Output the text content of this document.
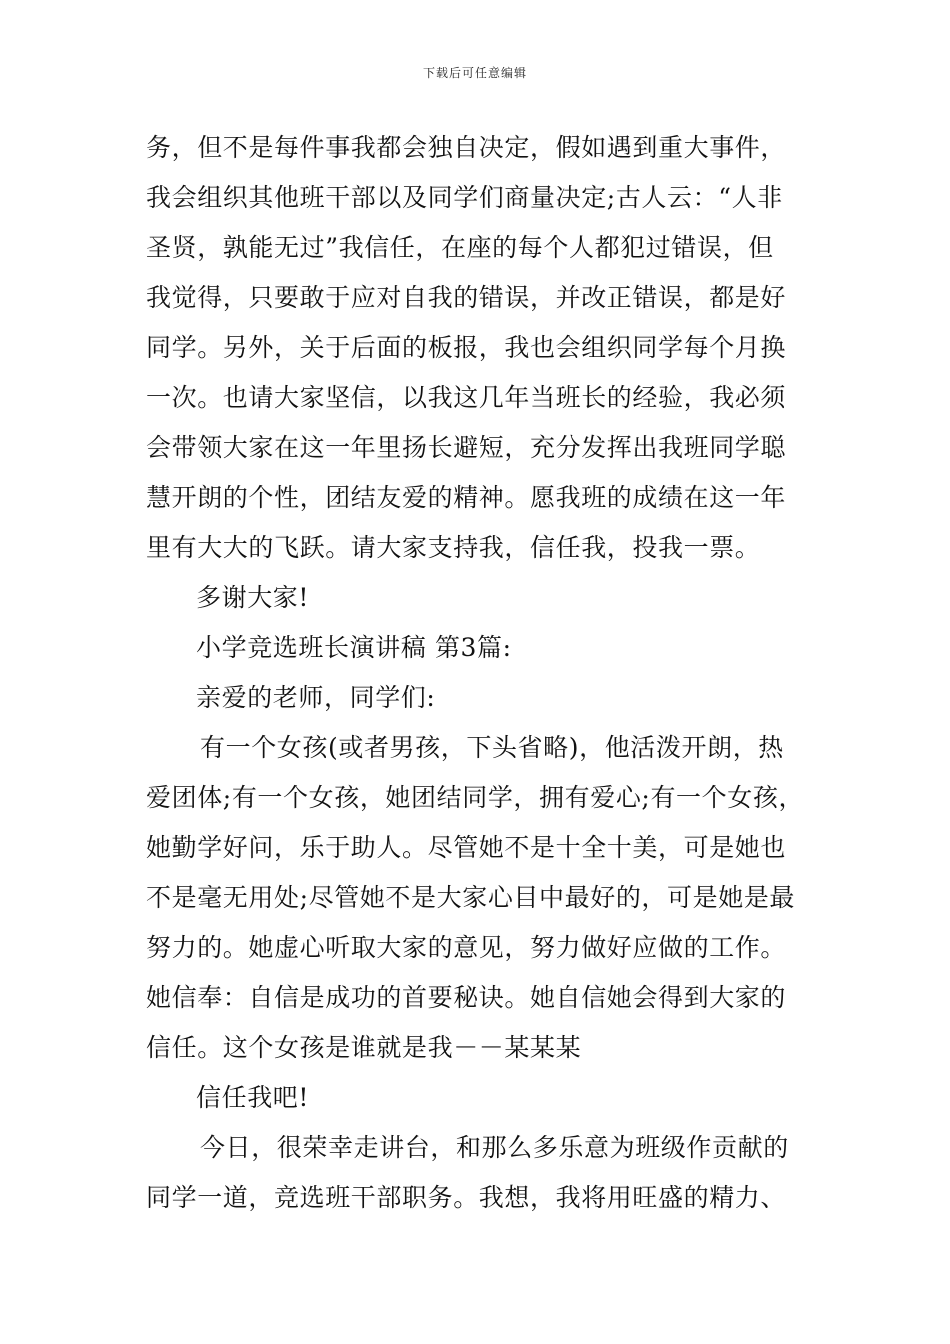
下载后可任意编辑
务，但不是每件事我都会独自决定，假如遇到重大事件，
我会组织其他班干部以及同学们商量决定;古人云：“人非
圣贤，孰能无过”我信任，在座的每个人都犯过错误，但
我觉得，只要敢于应对自我的错误，并改正错误，都是好
同学。另外，关于后面的板报，我也会组织同学每个月换
一次。也请大家坚信，以我这几年当班长的经验，我必须
会带领大家在这一年里扬长避短，充分发挥出我班同学聪
慧开朗的个性，团结友爱的精神。愿我班的成绩在这一年
里有大大的飞跃。请大家支持我，信任我，投我一票。
多谢大家!
小学竞选班长演讲稿 第3篇:
亲爱的老师，同学们:
有一个女孩(或者男孩，下头省略)，他活泼开朗，热
爱团体;有一个女孩，她团结同学，拥有爱心;有一个女孩，
她勤学好问，乐于助人。尽管她不是十全十美，可是她也
不是毫无用处;尽管她不是大家心目中最好的，可是她是最
努力的。她虚心听取大家的意见，努力做好应做的工作。
她信奉：自信是成功的首要秘诀。她自信她会得到大家的
信任。这个女孩是谁就是我－－某某某
信任我吧!
今日，很荣幸走讲台，和那么多乐意为班级作贡献的
同学一道，竞选班干部职务。我想，我将用旺盛的精力、
